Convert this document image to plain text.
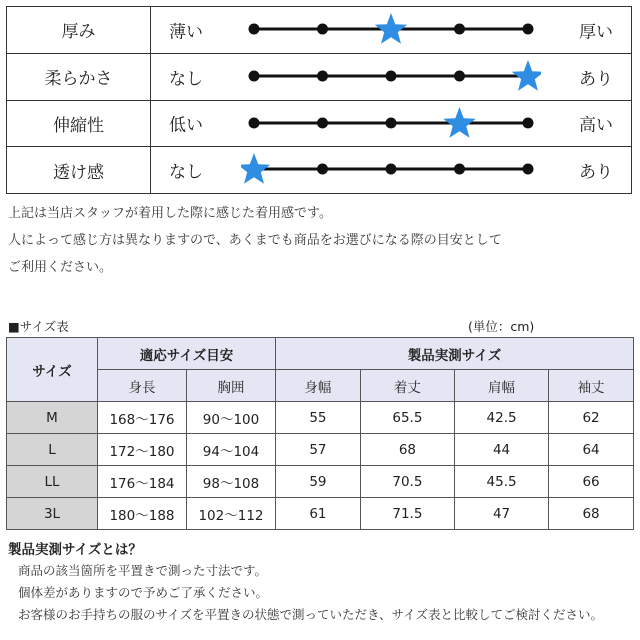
厚み	薄い 厚い

柔らかさ	なし あり

伸縮性	低い 高い

透け感	なし あり
上記は当店スタッフが着用した際に感じた着用感です。
人によって感じ方は異なりますので、あくまでも商品をお選びになる際の目安として
ご利用ください。
■サイズ表	(単位：cm)
サイズ	適応サイズ目安		製品実測サイズ			
	身長	胸囲	身幅	着丈	肩幅	袖丈
M	168～176	90～100	55	65.5	42.5	62
L	172～180	94～104	57	68	44	64
LL	176～184	98～108	59	70.5	45.5	66
3L	180～188	102～112	61	71.5	47	68
製品実測サイズとは？
商品の該当箇所を平置きで測った寸法です。
個体差がありますので予めご了承ください。
お客様のお手持ちの服のサイズを平置きの状態で測っていただき、サイズ表と比較してご検討ください。
